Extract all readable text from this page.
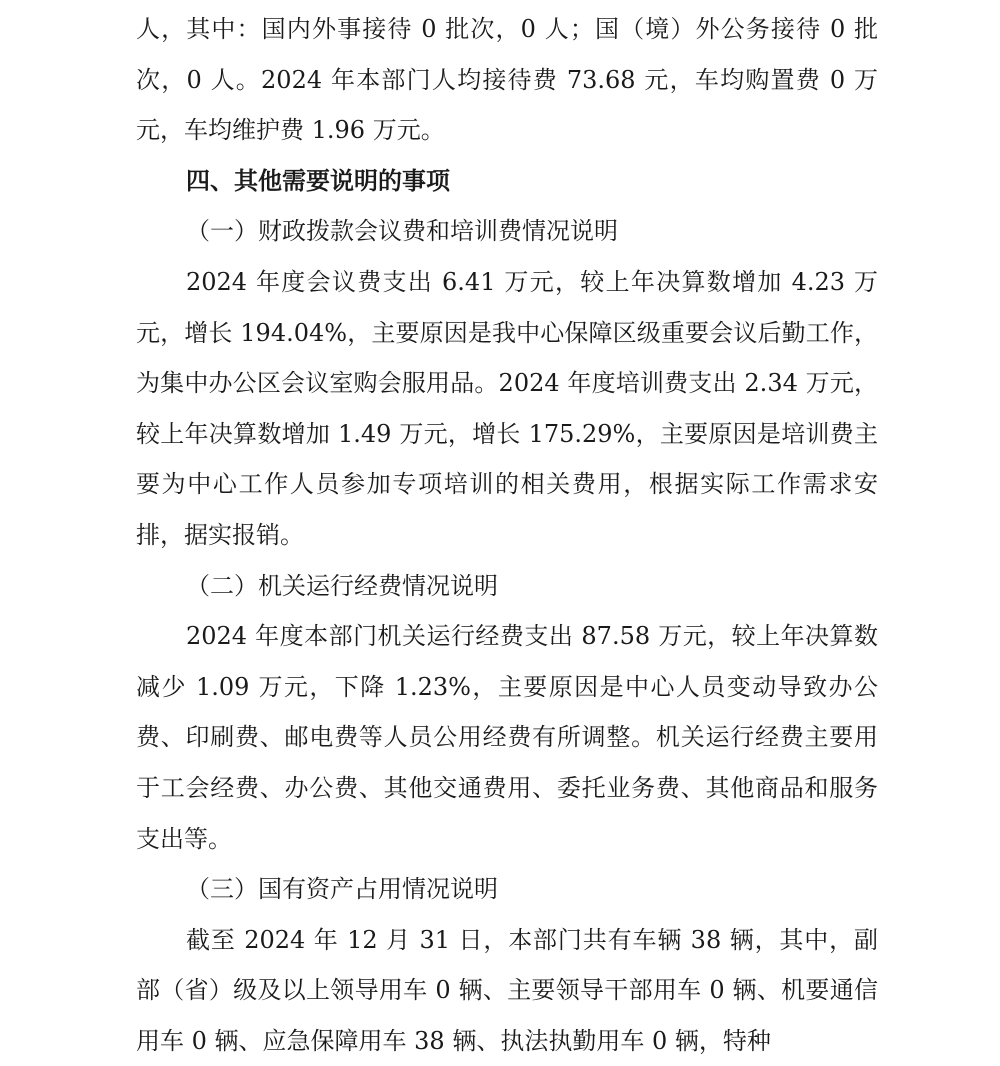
人，其中：国内外事接待 0 批次，0 人；国（境）外公务接待 0 批次，0 人。2024 年本部门人均接待费 73.68 元，车均购置费 0 万元，车均维护费 1.96 万元。

四、其他需要说明的事项

（一）财政拨款会议费和培训费情况说明

2024 年度会议费支出 6.41 万元，较上年决算数增加 4.23 万元，增长 194.04%，主要原因是我中心保障区级重要会议后勤工作，为集中办公区会议室购会服用品。2024 年度培训费支出 2.34 万元，较上年决算数增加 1.49 万元，增长 175.29%，主要原因是培训费主要为中心工作人员参加专项培训的相关费用，根据实际工作需求安排，据实报销。

（二）机关运行经费情况说明

2024 年度本部门机关运行经费支出 87.58 万元，较上年决算数减少 1.09 万元，下降 1.23%，主要原因是中心人员变动导致办公费、印刷费、邮电费等人员公用经费有所调整。机关运行经费主要用于工会经费、办公费、其他交通费用、委托业务费、其他商品和服务支出等。

（三）国有资产占用情况说明

截至 2024 年 12 月 31 日，本部门共有车辆 38 辆，其中，副部（省）级及以上领导用车 0 辆、主要领导干部用车 0 辆、机要通信用车 0 辆、应急保障用车 38 辆、执法执勤用车 0 辆，特种
